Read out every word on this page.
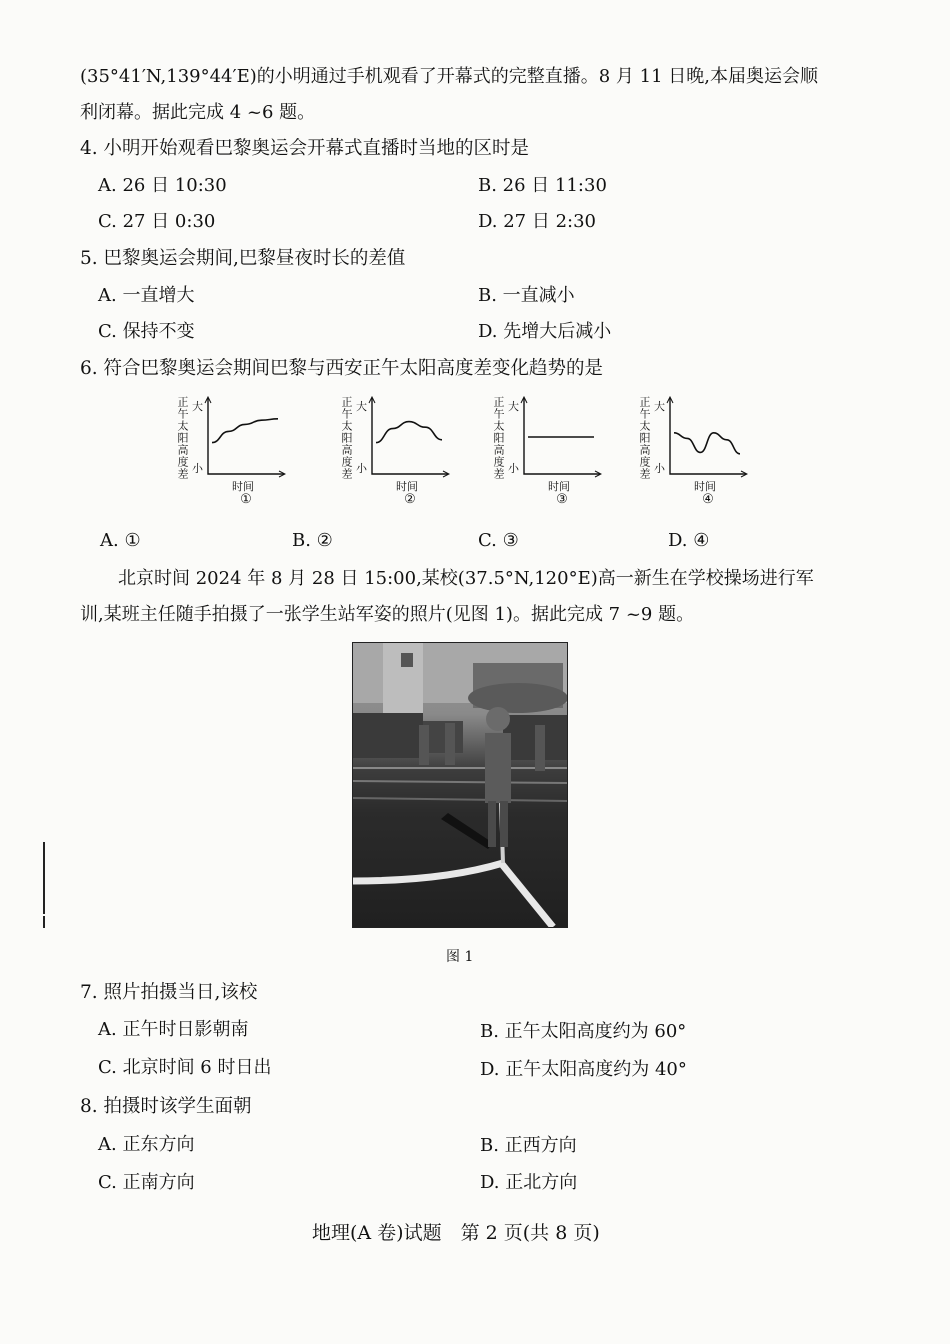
(35°41′N,139°44′E)的小明通过手机观看了开幕式的完整直播。8 月 11 日晚,本届奥运会顺
利闭幕。据此完成 4 ~6 题。
4. 小明开始观看巴黎奥运会开幕式直播时当地的区时是
A. 26 日 10:30	B. 26 日 11:30
C. 27 日 0:30	D. 27 日 2:30
5. 巴黎奥运会期间,巴黎昼夜时长的差值
A. 一直增大	B. 一直减小
C. 保持不变	D. 先增大后减小
6. 符合巴黎奥运会期间巴黎与西安正午太阳高度差变化趋势的是
正午太阳高度差 大
小
时间
①
正午太阳高度差 大
小
时间
②
正午太阳高度差 大
小
时间
③
正午太阳高度差 大
小
时间
④
A. ①	B. ②	C. ③	D. ④
北京时间 2024 年 8 月 28 日 15:00,某校(37.5°N,120°E)高一新生在学校操场进行军
训,某班主任随手拍摄了一张学生站军姿的照片(见图 1)。据此完成 7 ~9 题。
图 1
7. 照片拍摄当日,该校
A. 正午时日影朝南	B. 正午太阳高度约为 60°
C. 北京时间 6 时日出	D. 正午太阳高度约为 40°
8. 拍摄时该学生面朝
A. 正东方向	B. 正西方向
C. 正南方向	D. 正北方向
地理(A 卷)试题　第 2 页(共 8 页)
